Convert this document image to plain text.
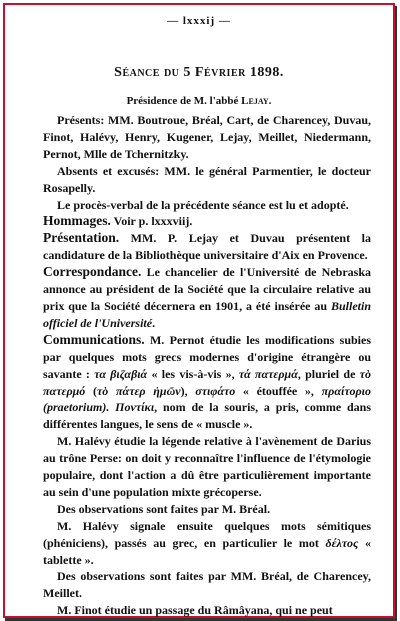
— lxxxij —
Séance du 5 Février 1898.
Présidence de M. l'abbé Lejay.

Présents: MM. Boutroue, Bréal, Cart, de Charencey, Duvau, Finot, Halévy, Henry, Kugener, Lejay, Meillet, Niedermann, Pernot, Mlle de Tchernitzky.

Absents et excusés: MM. le général Parmentier, le docteur Rosapelly.

Le procès-verbal de la précédente séance est lu et adopté.

Hommages. Voir p. lxxxviij.

Présentation. MM. P. Lejay et Duvau présentent la candidature de la Bibliothèque universitaire d'Aix en Provence.

Correspondance. Le chancelier de l'Université de Nebraska annonce au président de la Société que la circulaire relative au prix que la Société décernera en 1901, a été insérée au Bulletin officiel de l'Université.

Communications. M. Pernot étudie les modifications subies par quelques mots grecs modernes d'origine étrangère ou savante : τα βιζαβιά « les vis-à-vis », τά πατερμά, pluriel de τὸ πατερμό (τὸ πάτερ ἡμῶν), στιφάτο « étouffée », πραίτοριο (praetorium). Ποντίκι, nom de la souris, a pris, comme dans différentes langues, le sens de « muscle ».

M. Halévy étudie la légende relative à l'avènement de Darius au trône Perse: on doit y reconnaître l'influence de l'étymologie populaire, dont l'action a dû être particulièrement importante au sein d'une population mixte grécoperse.

Des observations sont faites par M. Bréal.

M. Halévy signale ensuite quelques mots sémitiques (phéniciens), passés au grec, en particulier le mot δέλτος « tablette ».

Des observations sont faites par MM. Bréal, de Charencey, Meillet.

M. Finot étudie un passage du Râmâyana, qui ne peut
